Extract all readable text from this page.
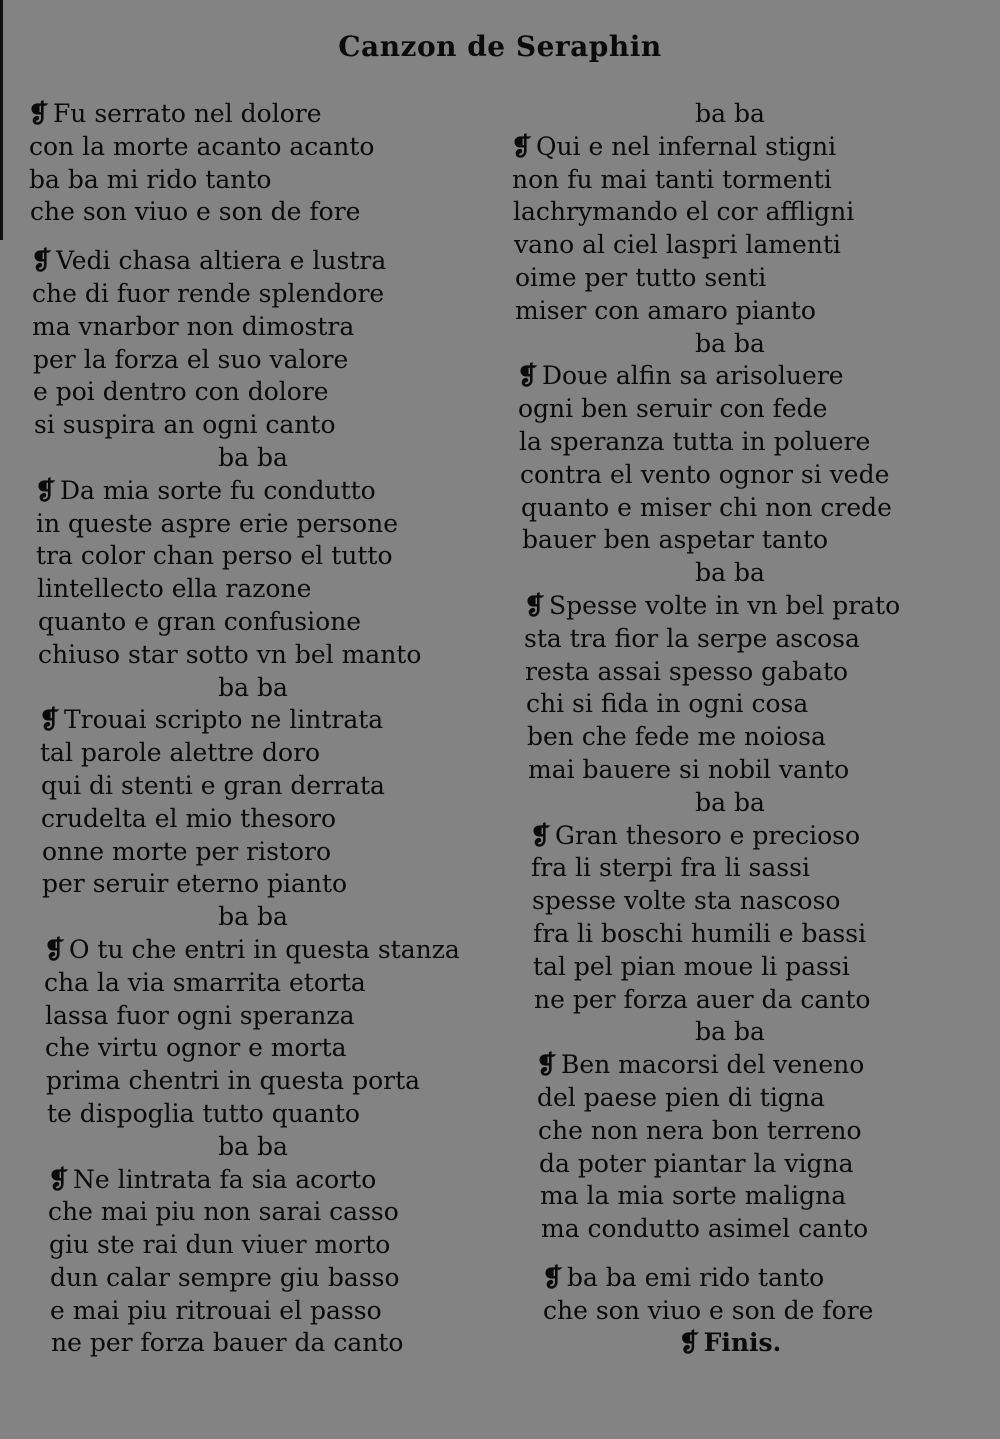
Canzon de Seraphin
❡ Fu serrato nel dolore
con la morte acanto acanto
ba ba mi rido tanto
che son viuo e son de fore
❡ Vedi chasa altiera e lustra
che di fuor rende splendore
ma vnarbor non dimostra
per la forza el suo valore
e poi dentro con dolore
si suspira an ogni canto
ba ba
❡ Da mia sorte fu condutto
in queste aspre erie persone
tra color chan perso el tutto
lintellecto ella razone
quanto e gran confusione
chiuso star sotto vn bel manto
ba ba
❡ Trouai scripto ne lintrata
tal parole alettre doro
qui di stenti e gran derrata
crudelta el mio thesoro
onne morte per ristoro
per seruir eterno pianto
ba ba
❡ O tu che entri in questa stanza
cha la via smarrita etorta
lassa fuor ogni speranza
che virtu ognor e morta
prima chentri in questa porta
te dispoglia tutto quanto
ba ba
❡ Ne lintrata fa sia acorto
che mai piu non sarai casso
giu ste rai dun viuer morto
dun calar sempre giu basso
e mai piu ritrouai el passo
ne per forza bauer da canto
ba ba
❡ Qui e nel infernal stigni
non fu mai tanti tormenti
lachrymando el cor affligni
vano al ciel laspri lamenti
oime per tutto senti
miser con amaro pianto
ba ba
❡ Doue alfin sa arisoluere
ogni ben seruir con fede
la speranza tutta in poluere
contra el vento ognor si vede
quanto e miser chi non crede
bauer ben aspetar tanto
ba ba
❡ Spesse volte in vn bel prato
sta tra fior la serpe ascosa
resta assai spesso gabato
chi si fida in ogni cosa
ben che fede me noiosa
mai bauere si nobil vanto
ba ba
❡ Gran thesoro e precioso
fra li sterpi fra li sassi
spesse volte sta nascoso
fra li boschi humili e bassi
tal pel pian moue li passi
ne per forza auer da canto
ba ba
❡ Ben macorsi del veneno
del paese pien di tigna
che non nera bon terreno
da poter piantar la vigna
ma la mia sorte maligna
ma condutto asimel canto
❡ ba ba emi rido tanto
che son viuo e son de fore
❡ Finis.
